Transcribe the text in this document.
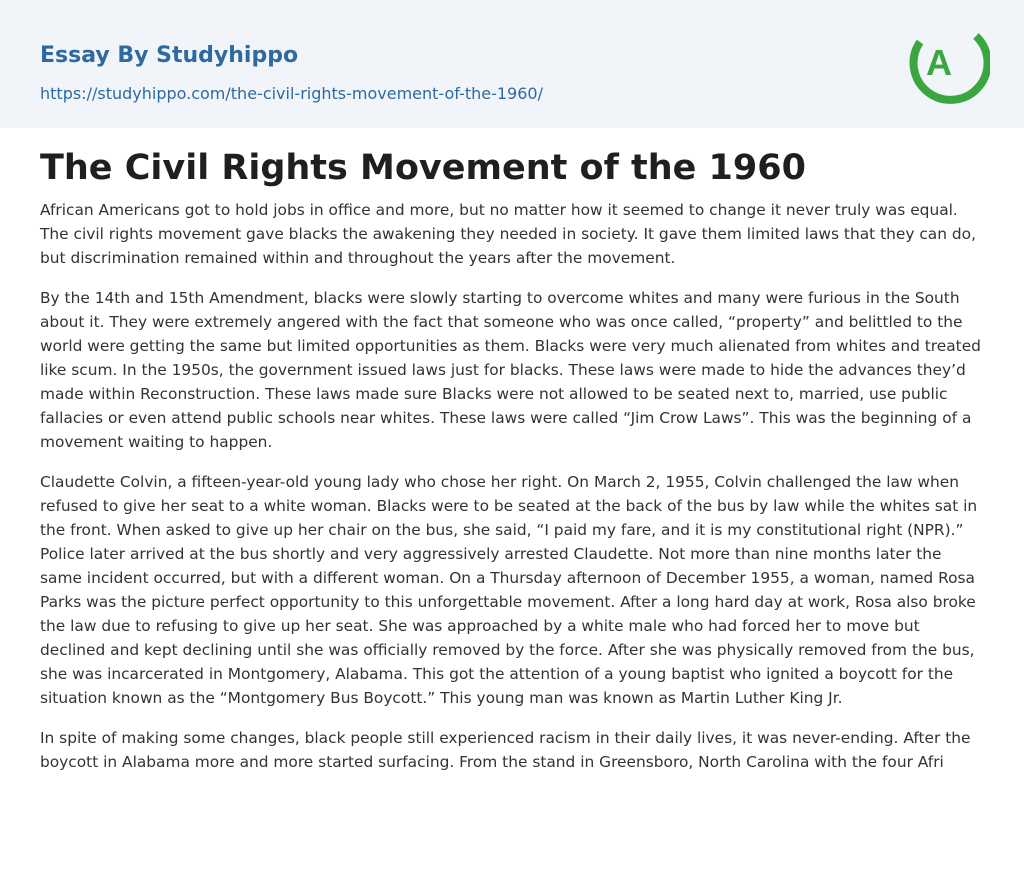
Essay By Studyhippo
https://studyhippo.com/the-civil-rights-movement-of-the-1960/
A
The Civil Rights Movement of the 1960

African Americans got to hold jobs in office and more, but no matter how it seemed to change it never truly was equal. The civil rights movement gave blacks the awakening they needed in society. It gave them limited laws that they can do, but discrimination remained within and throughout the years after the movement.

By the 14th and 15th Amendment, blacks were slowly starting to overcome whites and many were furious in the South about it. They were extremely angered with the fact that someone who was once called, “property” and belittled to the world were getting the same but limited opportunities as them. Blacks were very much alienated from whites and treated like scum. In the 1950s, the government issued laws just for blacks. These laws were made to hide the advances they’d made within Reconstruction. These laws made sure Blacks were not allowed to be seated next to, married, use public fallacies or even attend public schools near whites. These laws were called “Jim Crow Laws”. This was the beginning of a movement waiting to happen.

Claudette Colvin, a fifteen-year-old young lady who chose her right. On March 2, 1955, Colvin challenged the law when refused to give her seat to a white woman. Blacks were to be seated at the back of the bus by law while the whites sat in the front. When asked to give up her chair on the bus, she said, “I paid my fare, and it is my constitutional right (NPR).” Police later arrived at the bus shortly and very aggressively arrested Claudette. Not more than nine months later the same incident occurred, but with a different woman. On a Thursday afternoon of December 1955, a woman, named Rosa Parks was the picture perfect opportunity to this unforgettable movement. After a long hard day at work, Rosa also broke the law due to refusing to give up her seat. She was approached by a white male who had forced her to move but declined and kept declining until she was officially removed by the force. After she was physically removed from the bus, she was incarcerated in Montgomery, Alabama. This got the attention of a young baptist who ignited a boycott for the situation known as the “Montgomery Bus Boycott.” This young man was known as Martin Luther King Jr.

In spite of making some changes, black people still experienced racism in their daily lives, it was never-ending. After the boycott in Alabama more and more started surfacing. From the stand in Greensboro, North Carolina with the four Afri
